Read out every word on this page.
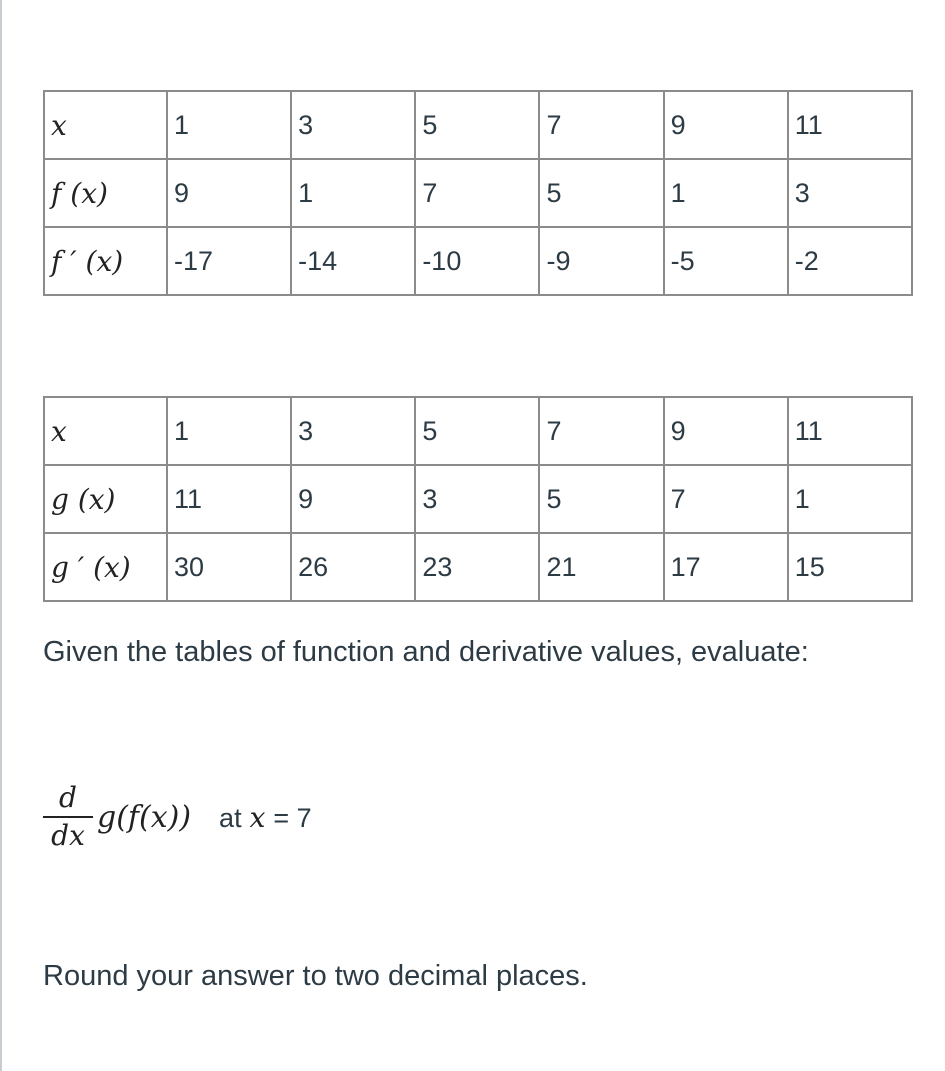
x	1	3	5	7	9	11
f (x)	9	1	7	5	1	3
f ′ (x)	-17	-14	-10	-9	-5	-2
x	1	3	5	7	9	11
g (x)	11	9	3	5	7	1
g ′ (x)	30	26	23	21	17	15
Given the tables of function and derivative values, evaluate:
$\frac{d}{dx} g(f(x))$ at x = 7
Round your answer to two decimal places.
